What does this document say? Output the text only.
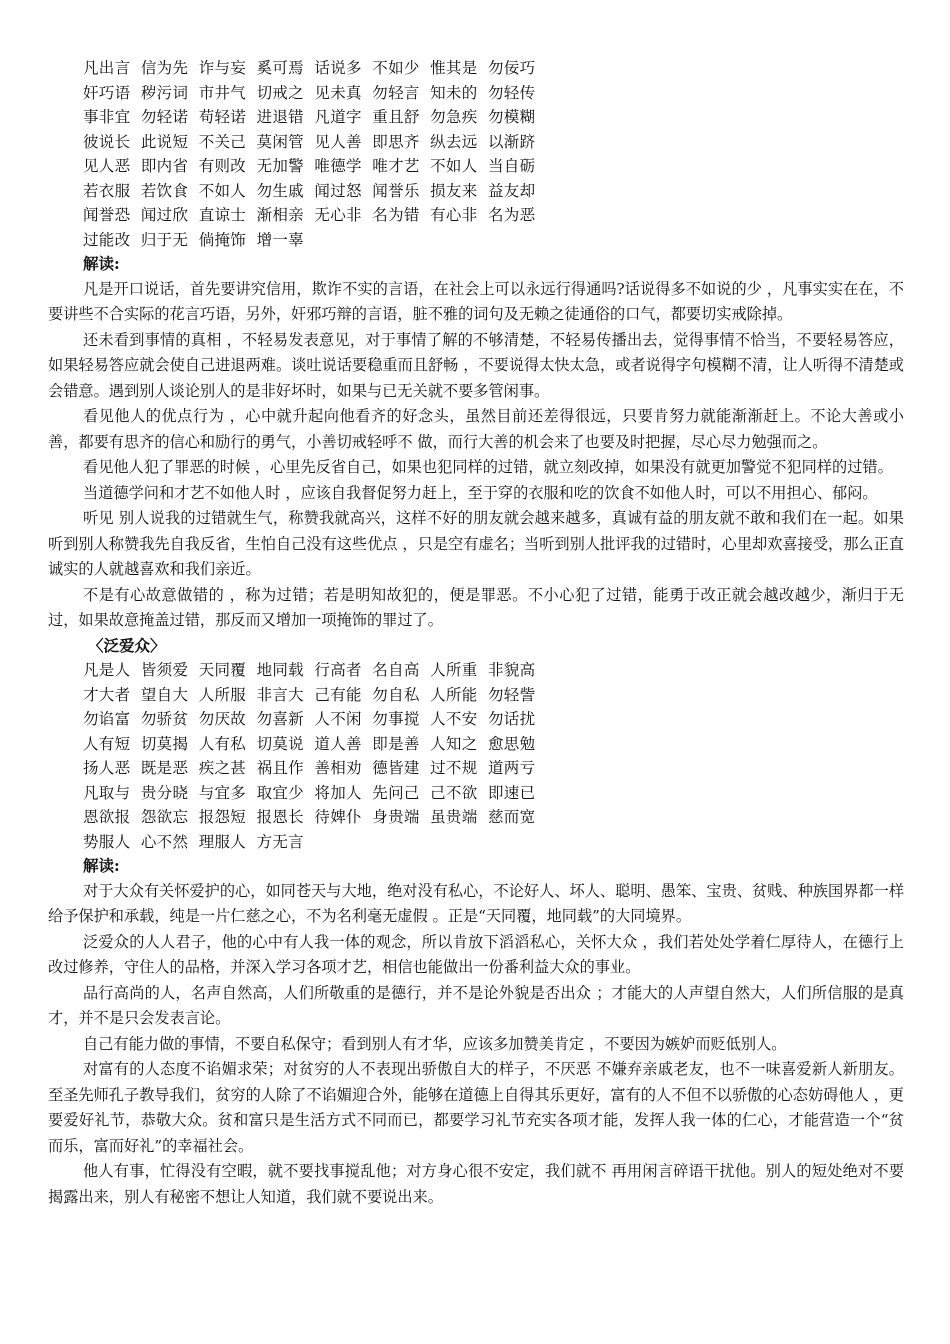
凡出言  信为先  诈与妄  奚可焉  话说多  不如少  惟其是  勿佞巧
奸巧语  秽污词  市井气  切戒之  见未真  勿轻言  知未的  勿轻传
事非宜  勿轻诺  苟轻诺  进退错  凡道字  重且舒  勿急疾  勿模糊
彼说长  此说短  不关己  莫闲管  见人善  即思齐  纵去远  以渐跻
见人恶  即内省  有则改  无加警  唯德学  唯才艺  不如人  当自砺
若衣服  若饮食  不如人  勿生戚  闻过怒  闻誉乐  损友来  益友却
闻誉恐  闻过欣  直谅士  渐相亲  无心非  名为错  有心非  名为恶
过能改  归于无  倘掩饰  增一辜
解读:

凡是开口说话，首先要讲究信用，欺诈不实的言语，在社会上可以永远行得通吗?话说得多不如说的少 ，凡事实实在在，不要讲些不合实际的花言巧语，另外，奸邪巧辩的言语，脏不雅的词句及无赖之徒通俗的口气，都要切实戒除掉。

还未看到事情的真相 ，不轻易发表意见，对于事情了解的不够清楚，不轻易传播出去，觉得事情不恰当，不要轻易答应，如果轻易答应就会使自己进退两难。谈吐说话要稳重而且舒畅 ，不要说得太快太急，或者说得字句模糊不清，让人听得不清楚或会错意。遇到别人谈论别人的是非好坏时，如果与已无关就不要多管闲事。

看见他人的优点行为 ，心中就升起向他看齐的好念头，虽然目前还差得很远，只要肯努力就能渐渐赶上。不论大善或小善，都要有思齐的信心和励行的勇气，小善切戒轻呼不 做，而行大善的机会来了也要及时把握，尽心尽力勉强而之。

看见他人犯了罪恶的时候 ，心里先反省自己，如果也犯同样的过错，就立刻改掉，如果没有就更加警觉不犯同样的过错。

当道德学问和才艺不如他人时 ，应该自我督促努力赶上，至于穿的衣服和吃的饮食不如他人时，可以不用担心、郁闷。

听见 别人说我的过错就生气，称赞我就高兴，这样不好的朋友就会越来越多，真诚有益的朋友就不敢和我们在一起。如果听到别人称赞我先自我反省，生怕自己没有这些优点 ，只是空有虚名；当听到别人批评我的过错时，心里却欢喜接受，那么正直诚实的人就越喜欢和我们亲近。

不是有心故意做错的 ，称为过错；若是明知故犯的，便是罪恶。不小心犯了过错，能勇于改正就会越改越少，渐归于无过，如果故意掩盖过错，那反而又增加一项掩饰的罪过了。

〈泛爱众〉
凡是人  皆须爱  天同覆  地同载  行高者  名自高  人所重  非貌高
才大者  望自大  人所服  非言大  己有能  勿自私  人所能  勿轻訾
勿谄富  勿骄贫  勿厌故  勿喜新  人不闲  勿事搅  人不安  勿话扰
人有短  切莫揭  人有私  切莫说  道人善  即是善  人知之  愈思勉
扬人恶  既是恶  疾之甚  祸且作  善相劝  德皆建  过不规  道两亏
凡取与  贵分晓  与宜多  取宜少  将加人  先问己  己不欲  即速已
恩欲报  怨欲忘  报怨短  报恩长  待婢仆  身贵端  虽贵端  慈而宽
势服人  心不然  理服人  方无言
解读:

对于大众有关怀爱护的心，如同苍天与大地，绝对没有私心，不论好人、坏人、聪明、愚笨、宝贵、贫贱、种族国界都一样给予保护和承载，纯是一片仁慈之心，不为名利毫无虚假 。正是“天同覆，地同载”的大同境界。

泛爱众的人人君子，他的心中有人我一体的观念，所以肯放下滔滔私心，关怀大众 ，我们若处处学着仁厚待人，在德行上改过修养，守住人的品格，并深入学习各项才艺，相信也能做出一份番利益大众的事业。

品行高尚的人，名声自然高，人们所敬重的是德行，并不是论外貌是否出众 ；才能大的人声望自然大，人们所信服的是真才，并不是只会发表言论。

自己有能力做的事情，不要自私保守；看到别人有才华，应该多加赞美肯定 ，不要因为嫉妒而贬低别人。

对富有的人态度不谄媚求荣；对贫穷的人不表现出骄傲自大的样子，不厌恶 不嫌弃亲戚老友，也不一味喜爱新人新朋友。至圣先师孔子教导我们，贫穷的人除了不谄媚迎合外，能够在道德上自得其乐更好，富有的人不但不以骄傲的心态妨碍他人 ，更要爱好礼节，恭敬大众。贫和富只是生活方式不同而已，都要学习礼节充实各项才能，发挥人我一体的仁心，才能营造一个“贫而乐，富而好礼”的幸福社会。

他人有事，忙得没有空暇，就不要找事搅乱他；对方身心很不安定，我们就不 再用闲言碎语干扰他。别人的短处绝对不要揭露出来，别人有秘密不想让人知道，我们就不要说出来。
